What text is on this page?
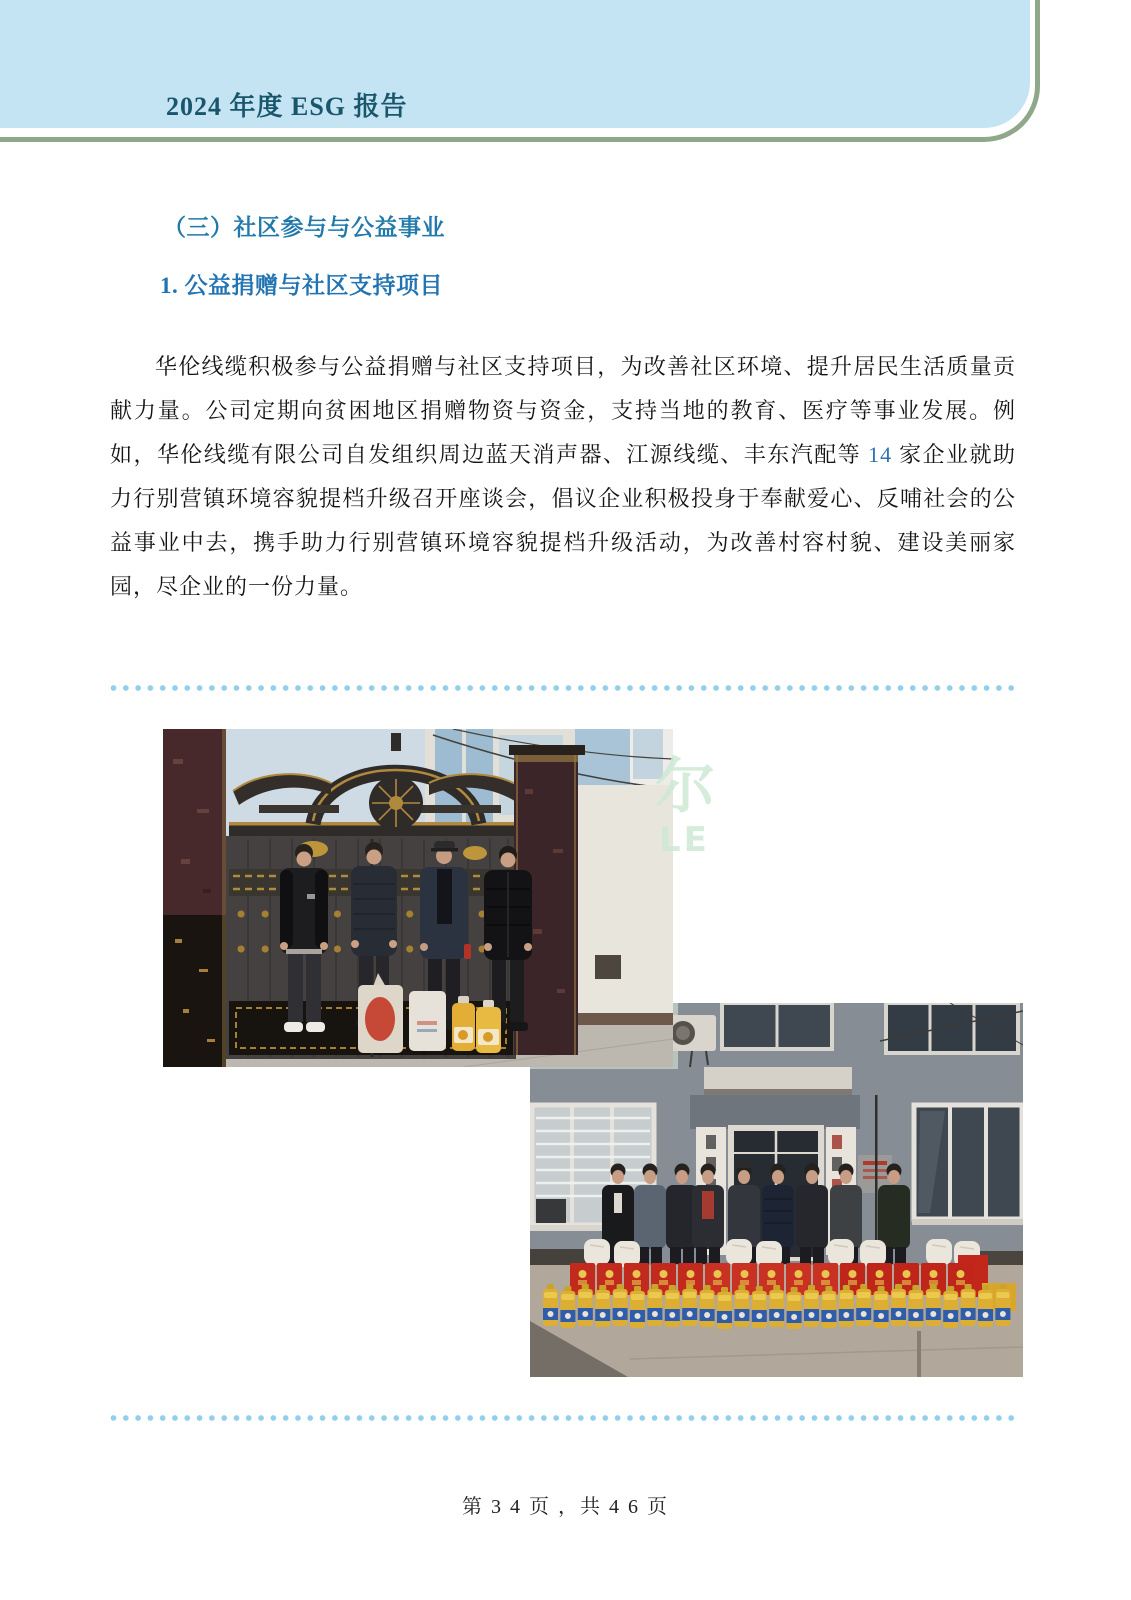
2024 年度 ESG 报告
（三）社区参与与公益事业
1. 公益捐赠与社区支持项目

华伦线缆积极参与公益捐赠与社区支持项目，为改善社区环境、提升居民生活质量贡献力量。公司定期向贫困地区捐赠物资与资金，支持当地的教育、医疗等事业发展。例如，华伦线缆有限公司自发组织周边蓝天消声器、江源线缆、丰东汽配等 14 家企业就助力行别营镇环境容貌提档升级召开座谈会，倡议企业积极投身于奉献爱心、反哺社会的公益事业中去，携手助力行别营镇环境容貌提档升级活动，为改善村容村貌、建设美丽家园，尽企业的一份力量。

尔
LE
第 3 4 页 ，共 4 6 页
